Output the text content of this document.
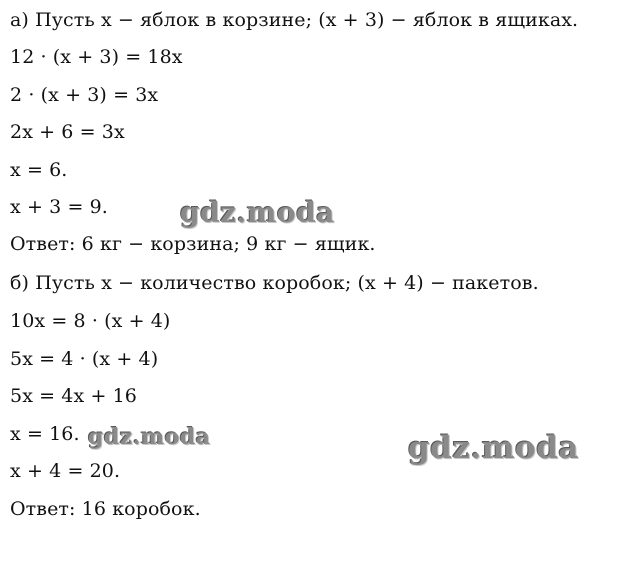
а) Пусть x − яблок в корзине; (x + 3) − яблок в ящиках.
12 · (x + 3) = 18x
2 · (x + 3) = 3x
2x + 6 = 3x
x = 6.
x + 3 = 9.
Ответ: 6 кг − корзина; 9 кг − ящик.
б) Пусть x − количество коробок; (x + 4) − пакетов.
10x = 8 · (x + 4)
5x = 4 · (x + 4)
5x = 4x + 16
x = 16.
x + 4 = 20.
Ответ: 16 коробок.
gdz.moda
gdz.moda	gdz.moda
